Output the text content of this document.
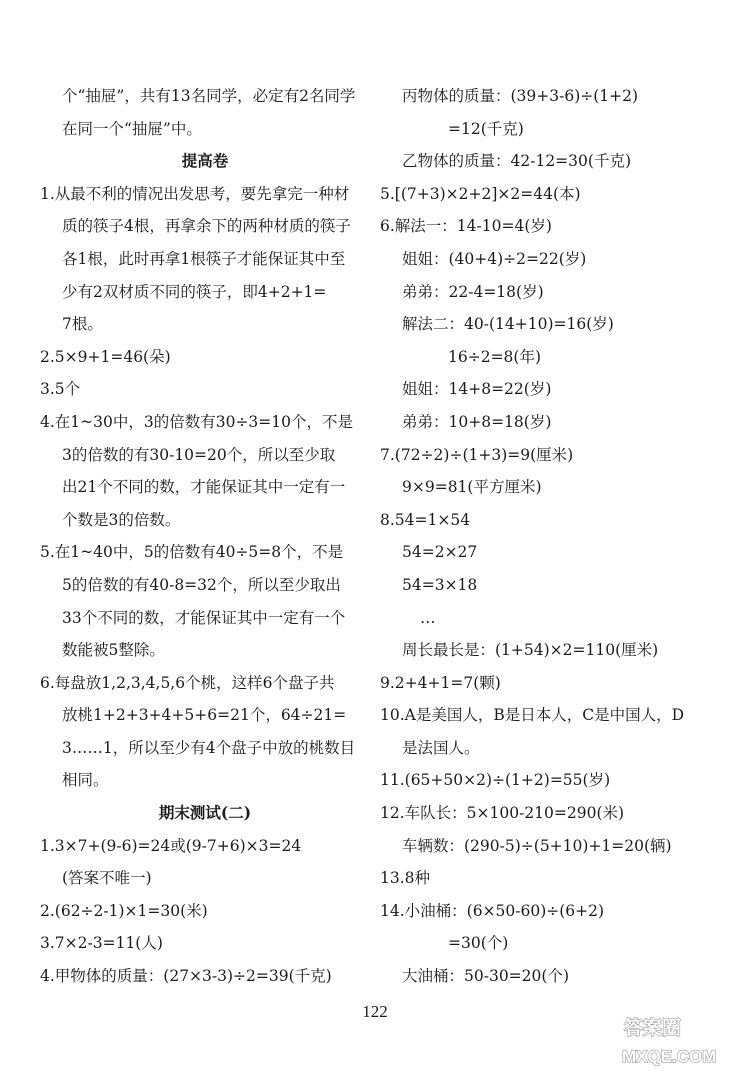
个“抽屉”，共有13名同学，必定有2名同学
在同一个“抽屉”中。
提高卷
1.从最不利的情况出发思考，要先拿完一种材
质的筷子4根，再拿余下的两种材质的筷子
各1根，此时再拿1根筷子才能保证其中至
少有2双材质不同的筷子，即4+2+1=
7根。
2.5×9+1=46(朵)
3.5个
4.在1~30中，3的倍数有30÷3=10个，不是
3的倍数的有30-10=20个，所以至少取
出21个不同的数，才能保证其中一定有一
个数是3的倍数。
5.在1~40中，5的倍数有40÷5=8个，不是
5的倍数的有40-8=32个，所以至少取出
33个不同的数，才能保证其中一定有一个
数能被5整除。
6.每盘放1,2,3,4,5,6个桃，这样6个盘子共
放桃1+2+3+4+5+6=21个，64÷21=
3……1，所以至少有4个盘子中放的桃数目
相同。
期末测试(二)
1.3×7+(9-6)=24或(9-7+6)×3=24
(答案不唯一)
2.(62÷2-1)×1=30(米)
3.7×2-3=11(人)
4.甲物体的质量：(27×3-3)÷2=39(千克)
丙物体的质量：(39+3-6)÷(1+2)
=12(千克)
乙物体的质量：42-12=30(千克)
5.[(7+3)×2+2]×2=44(本)
6.解法一：14-10=4(岁)
姐姐：(40+4)÷2=22(岁)
弟弟：22-4=18(岁)
解法二：40-(14+10)=16(岁)
16÷2=8(年)
姐姐：14+8=22(岁)
弟弟：10+8=18(岁)
7.(72÷2)÷(1+3)=9(厘米)
9×9=81(平方厘米)
8.54=1×54
54=2×27
54=3×18
…
周长最长是：(1+54)×2=110(厘米)
9.2+4+1=7(颗)
10.A是美国人，B是日本人，C是中国人，D
是法国人。
11.(65+50×2)÷(1+2)=55(岁)
12.车队长：5×100-210=290(米)
车辆数：(290-5)÷(5+10)+1=20(辆)
13.8种
14.小油桶：(6×50-60)÷(6+2)
=30(个)
大油桶：50-30=20(个)
122
答案圈
MXQE.COM
